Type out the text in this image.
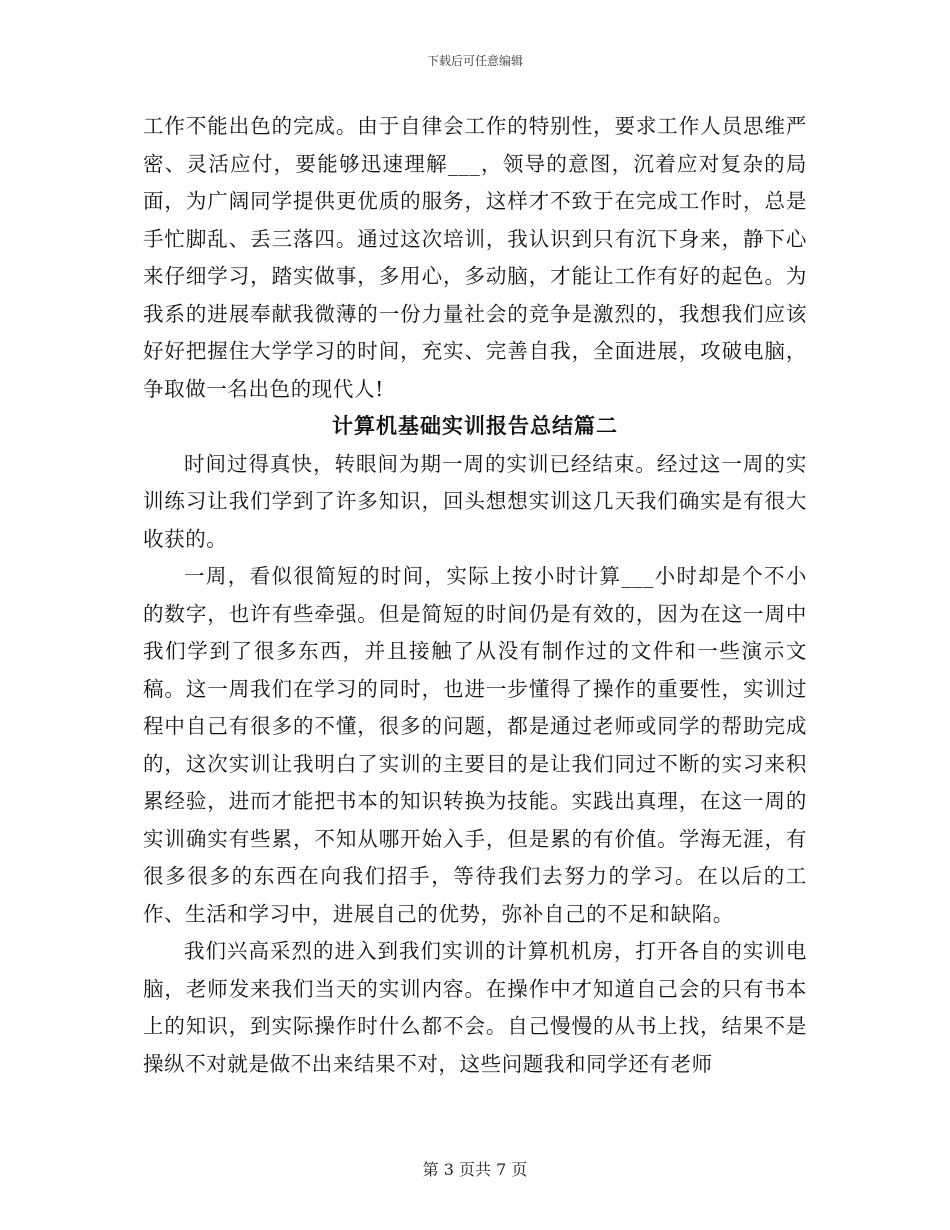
下载后可任意编辑

工作不能出色的完成。由于自律会工作的特别性，要求工作人员思维严密、灵活应付，要能够迅速理解___，领导的意图，沉着应对复杂的局面，为广阔同学提供更优质的服务，这样才不致于在完成工作时，总是手忙脚乱、丢三落四。通过这次培训，我认识到只有沉下身来，静下心来仔细学习，踏实做事，多用心，多动脑，才能让工作有好的起色。为我系的进展奉献我微薄的一份力量社会的竞争是激烈的，我想我们应该好好把握住大学学习的时间，充实、完善自我，全面进展，攻破电脑，争取做一名出色的现代人!

计算机基础实训报告总结篇二

时间过得真快，转眼间为期一周的实训已经结束。经过这一周的实训练习让我们学到了许多知识，回头想想实训这几天我们确实是有很大收获的。

一周，看似很简短的时间，实际上按小时计算___小时却是个不小的数字，也许有些牵强。但是简短的时间仍是有效的，因为在这一周中我们学到了很多东西，并且接触了从没有制作过的文件和一些演示文稿。这一周我们在学习的同时，也进一步懂得了操作的重要性，实训过程中自己有很多的不懂，很多的问题，都是通过老师或同学的帮助完成的，这次实训让我明白了实训的主要目的是让我们同过不断的实习来积累经验，进而才能把书本的知识转换为技能。实践出真理，在这一周的实训确实有些累，不知从哪开始入手，但是累的有价值。学海无涯，有很多很多的东西在向我们招手，等待我们去努力的学习。在以后的工作、生活和学习中，进展自己的优势，弥补自己的不足和缺陷。

我们兴高采烈的进入到我们实训的计算机机房，打开各自的实训电脑，老师发来我们当天的实训内容。在操作中才知道自己会的只有书本上的知识，到实际操作时什么都不会。自己慢慢的从书上找，结果不是操纵不对就是做不出来结果不对，这些问题我和同学还有老师

第 3 页共 7 页
